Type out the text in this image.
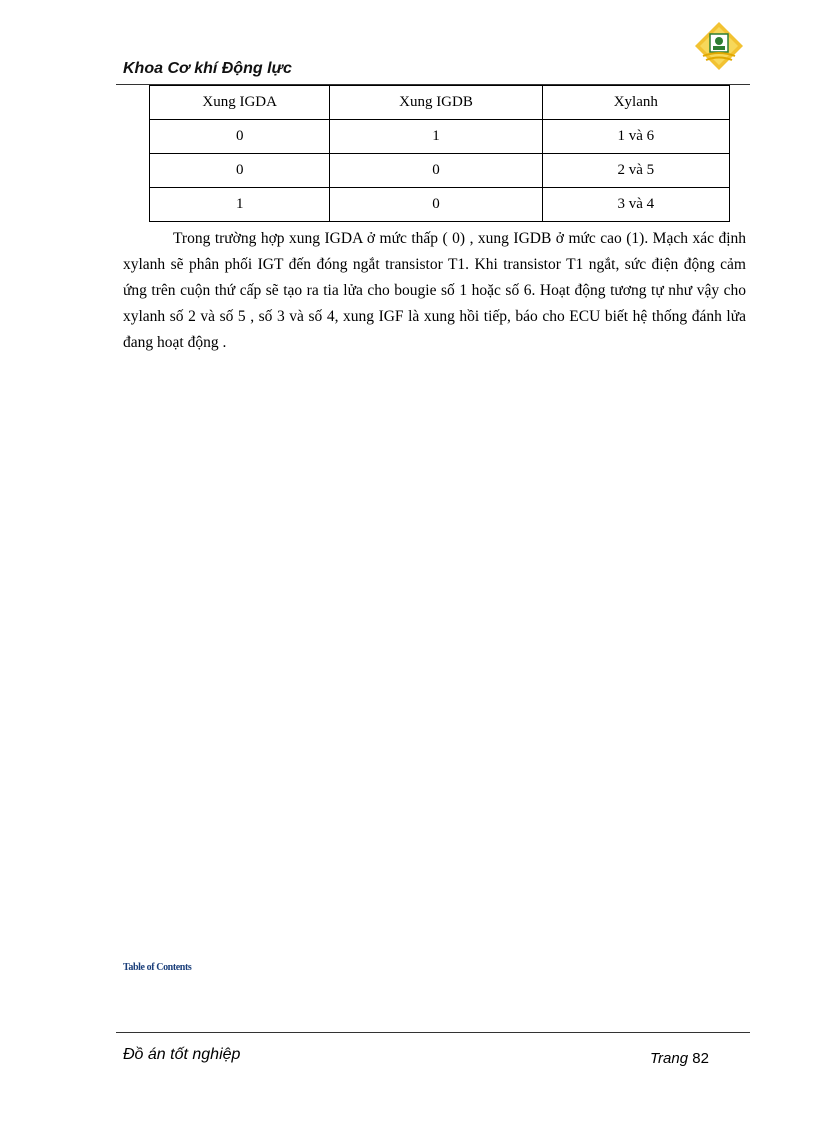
Khoa Cơ khí Động lực
Xung IGDA	Xung IGDB	Xylanh
0	1	1 và 6
0	0	2 và 5
1	0	3 và 4

Trong trường hợp xung IGDA ở mức thấp ( 0) , xung IGDB ở mức cao (1). Mạch xác định xylanh sẽ phân phối IGT đến đóng ngắt transistor T1. Khi transistor T1 ngắt, sức điện động cảm ứng trên cuộn thứ cấp sẽ tạo ra tia lửa cho bougie số 1 hoặc số 6. Hoạt động tương tự như vậy cho xylanh số 2 và số 5 , số 3 và số 4, xung IGF là xung hồi tiếp, báo cho ECU biết hệ thống đánh lửa đang hoạt động .

Table of Contents
Đồ án tốt nghiệp	Trang 82
